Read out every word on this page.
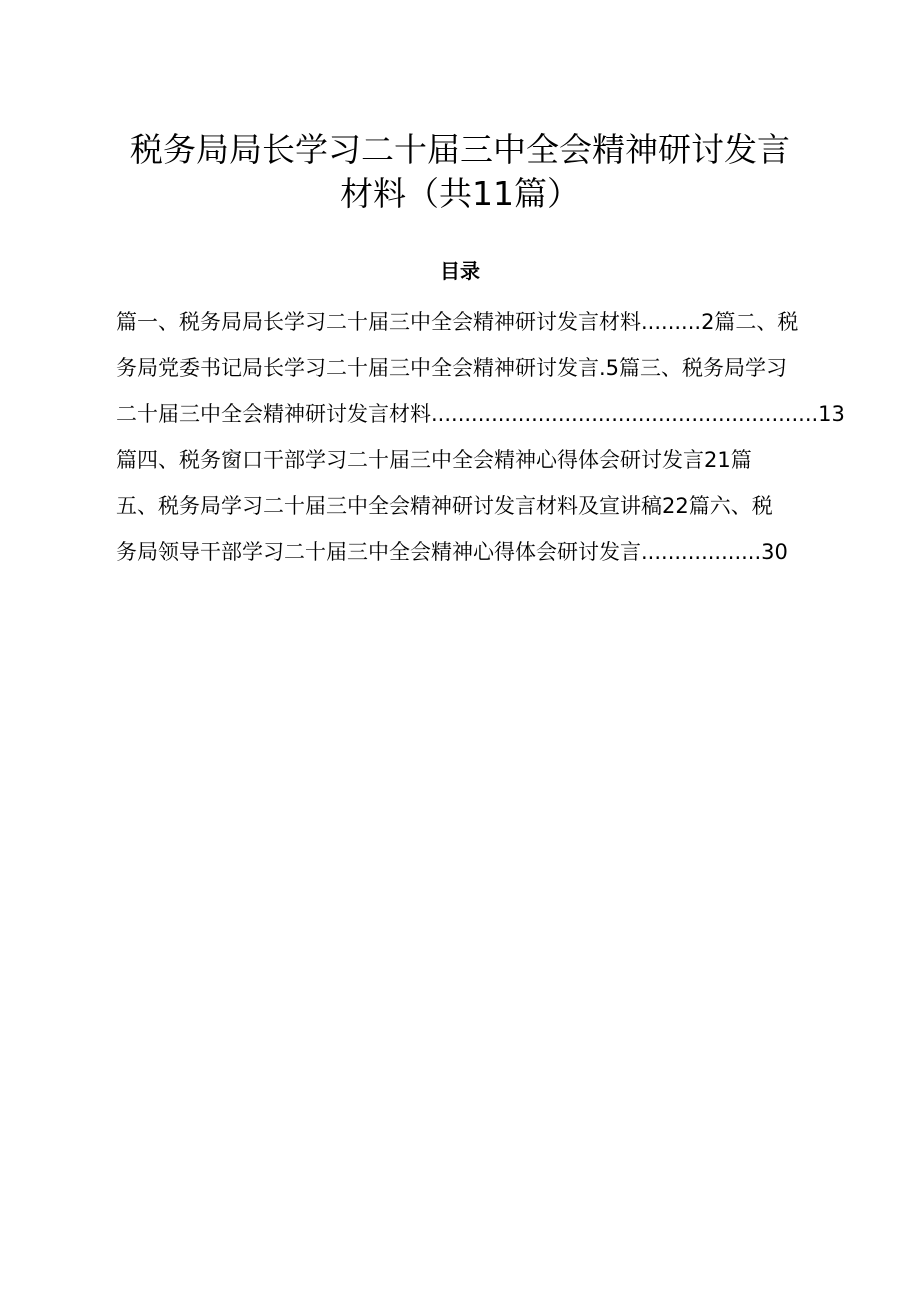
税务局局长学习二十届三中全会精神研讨发言
材料（共11篇）
目录
篇一、税务局局长学习二十届三中全会精神研讨发言材料.........2篇二、税
务局党委书记局长学习二十届三中全会精神研讨发言.5篇三、税务局学习
二十届三中全会精神研讨发言材料..........................................................13
篇四、税务窗口干部学习二十届三中全会精神心得体会研讨发言21篇
五、税务局学习二十届三中全会精神研讨发言材料及宣讲稿22篇六、税
务局领导干部学习二十届三中全会精神心得体会研讨发言..................30
